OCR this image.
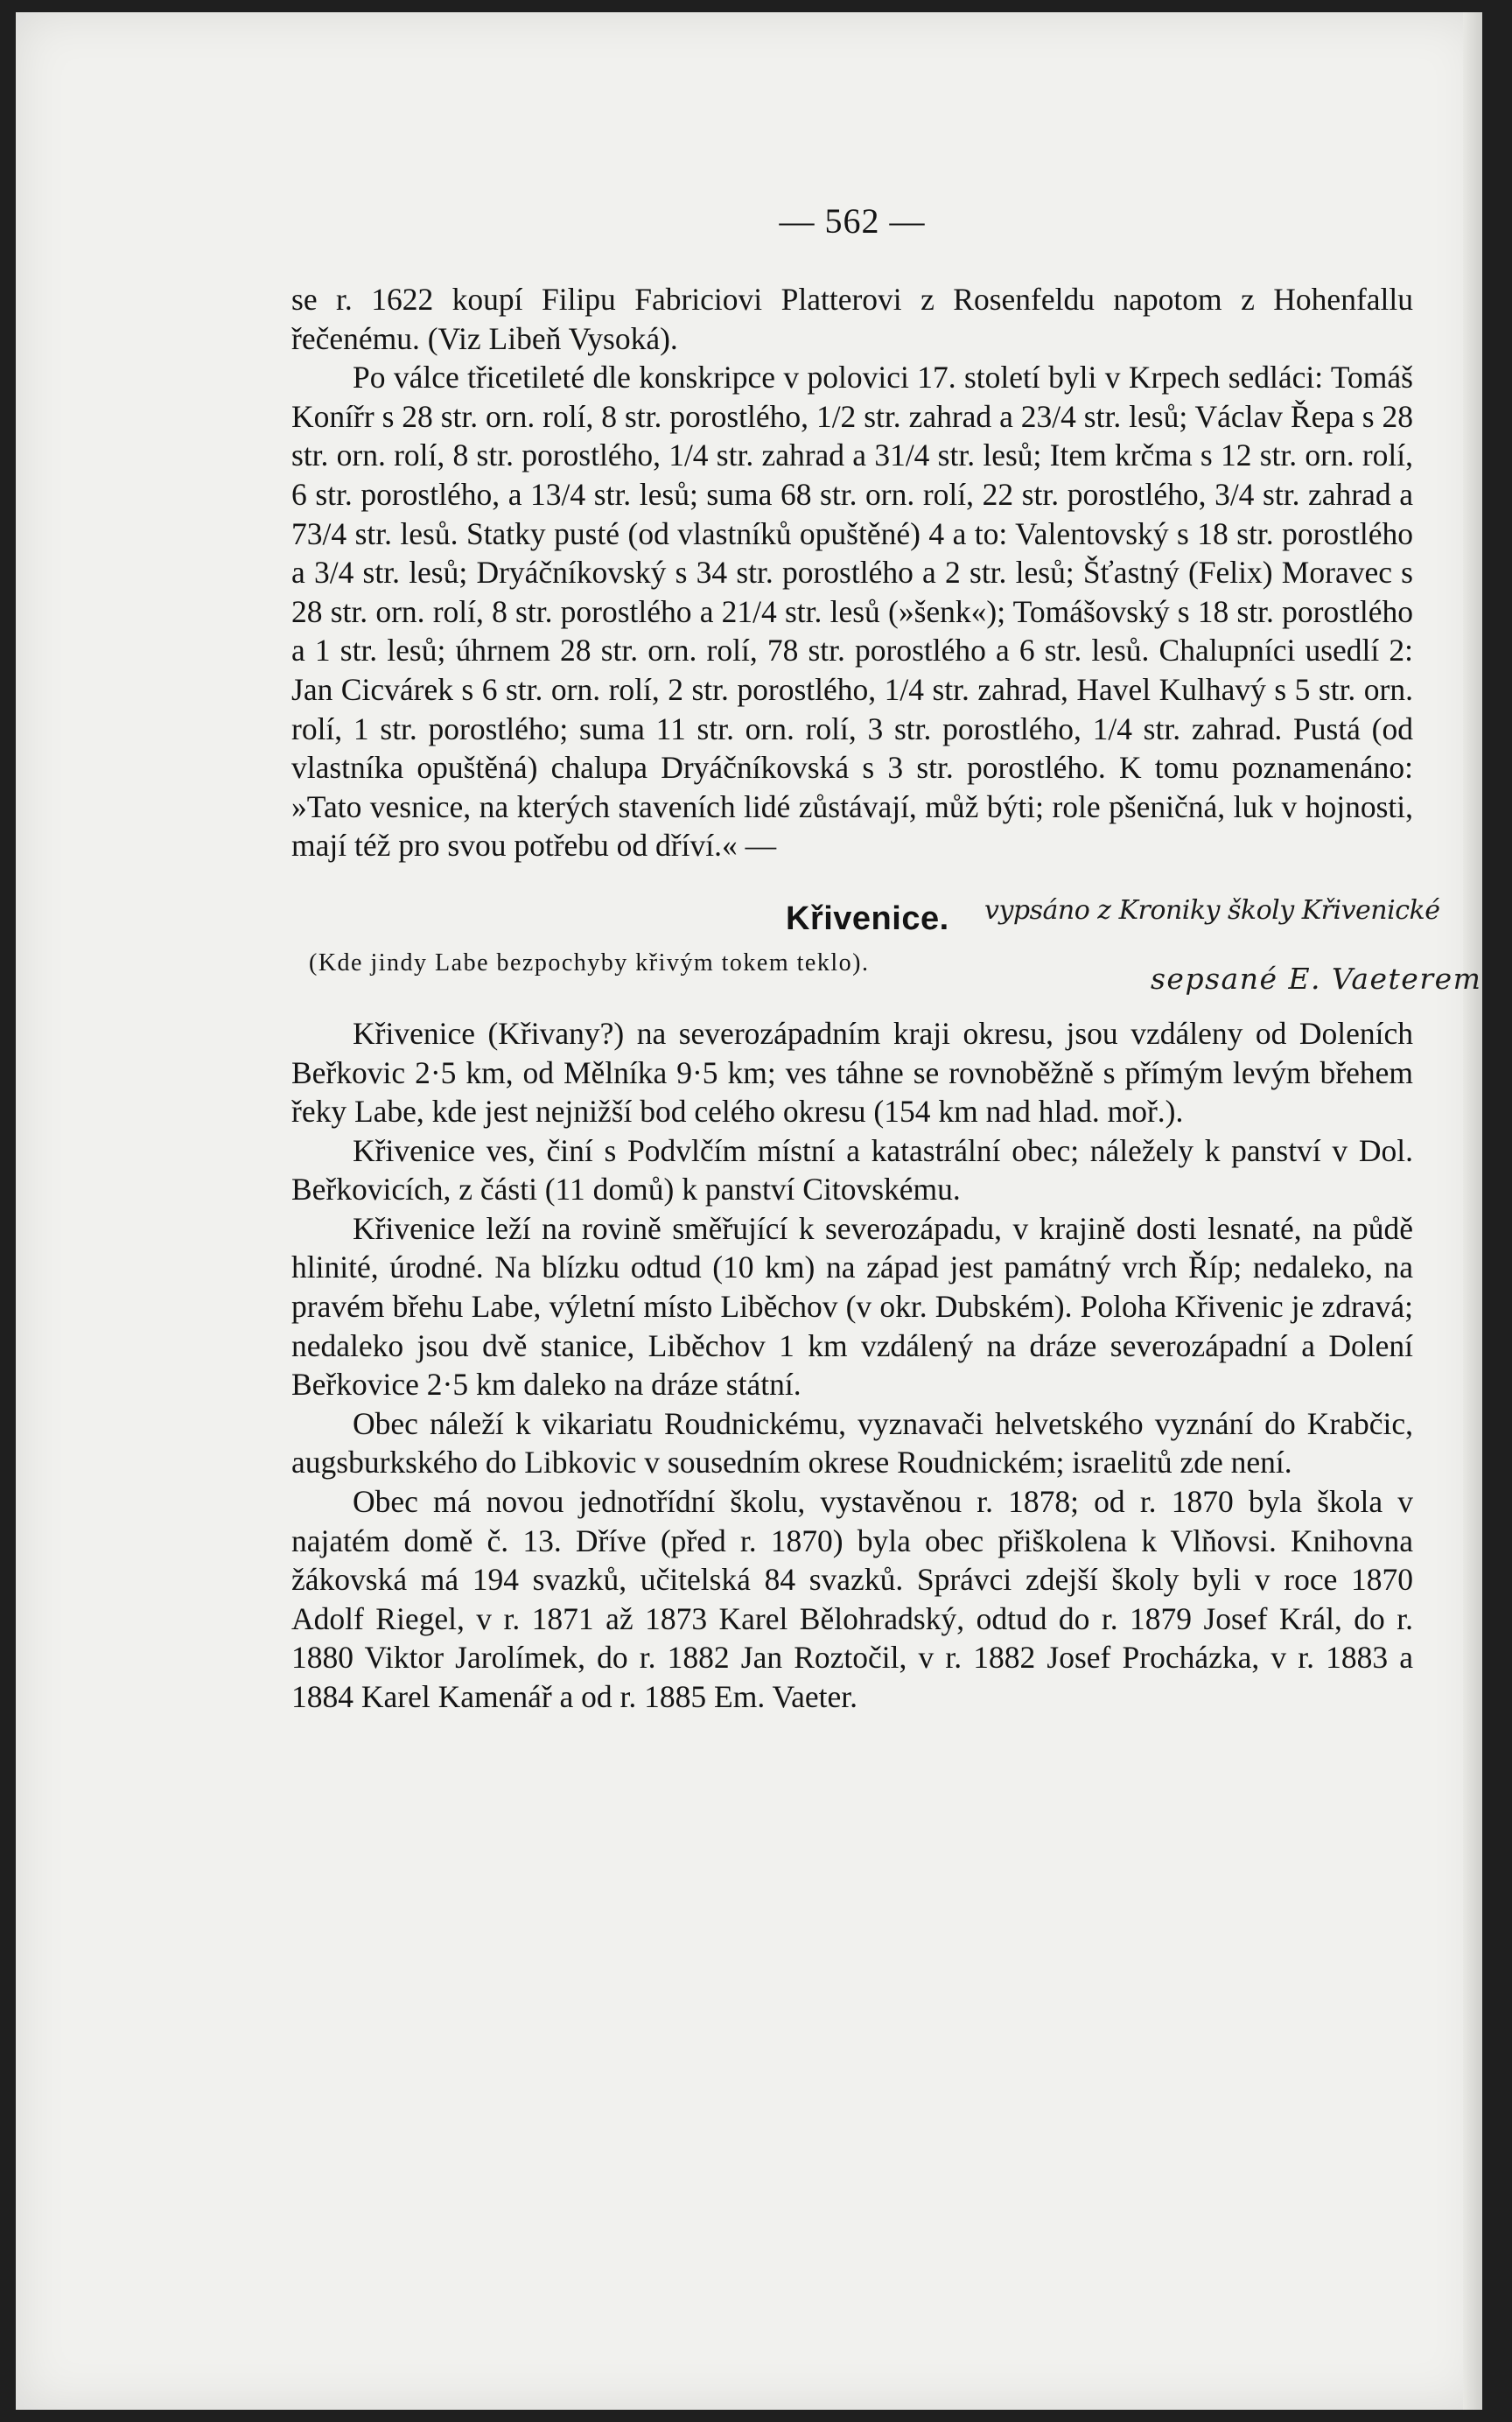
— 562 —

se r. 1622 koupí Filipu Fabriciovi Platterovi z Rosenfeldu napotom z Hohenfallu řečenému. (Viz Libeň Vysoká).

Po válce třicetileté dle konskripce v polovici 17. století byli v Krpech sedláci: Tomáš Konířr s 28 str. orn. rolí, 8 str. porostlého, 1/2 str. zahrad a 23/4 str. lesů; Václav Řepa s 28 str. orn. rolí, 8 str. porostlého, 1/4 str. zahrad a 31/4 str. lesů; Item krčma s 12 str. orn. rolí, 6 str. porostlého, a 13/4 str. lesů; suma 68 str. orn. rolí, 22 str. porostlého, 3/4 str. zahrad a 73/4 str. lesů. Statky pusté (od vlastníků opuštěné) 4 a to: Valentovský s 18 str. porostlého a 3/4 str. lesů; Dryáčníkovský s 34 str. porostlého a 2 str. lesů; Šťastný (Felix) Moravec s 28 str. orn. rolí, 8 str. porostlého a 21/4 str. lesů (»šenk«); Tomášovský s 18 str. porostlého a 1 str. lesů; úhrnem 28 str. orn. rolí, 78 str. porostlého a 6 str. lesů. Chalupníci usedlí 2: Jan Cicvárek s 6 str. orn. rolí, 2 str. porostlého, 1/4 str. zahrad, Havel Kulhavý s 5 str. orn. rolí, 1 str. porostlého; suma 11 str. orn. rolí, 3 str. porostlého, 1/4 str. zahrad. Pustá (od vlastníka opuštěná) chalupa Dryáčníkovská s 3 str. porostlého. K tomu poznamenáno: »Tato vesnice, na kterých staveních lidé zůstávají, můž býti; role pšeničná, luk v hojnosti, mají též pro svou potřebu od dříví.« —

Křivenice. vypsáno z Kroniky školy Křivenické
(Kde jindy Labe bezpochyby křivým tokem teklo).	sepsané E. Vaeterem

Křivenice (Křivany?) na severozápadním kraji okresu, jsou vzdáleny od Doleních Beřkovic 2·5 km, od Mělníka 9·5 km; ves táhne se rovnoběžně s přímým levým břehem řeky Labe, kde jest nejnižší bod celého okresu (154 km nad hlad. moř.).

Křivenice ves, činí s Podvlčím místní a katastrální obec; náležely k panství v Dol. Beřkovicích, z části (11 domů) k panství Citovskému.

Křivenice leží na rovině směřující k severozápadu, v krajině dosti lesnaté, na půdě hlinité, úrodné. Na blízku odtud (10 km) na západ jest památný vrch Říp; nedaleko, na pravém břehu Labe, výletní místo Liběchov (v okr. Dubském). Poloha Křivenic je zdravá; nedaleko jsou dvě stanice, Liběchov 1 km vzdálený na dráze severozápadní a Dolení Beřkovice 2·5 km daleko na dráze státní.

Obec náleží k vikariatu Roudnickému, vyznavači helvetského vyznání do Krabčic, augsburkského do Libkovic v sousedním okrese Roudnickém; israelitů zde není.

Obec má novou jednotřídní školu, vystavěnou r. 1878; od r. 1870 byla škola v najatém domě č. 13. Dříve (před r. 1870) byla obec přiškolena k Vlňovsi. Knihovna žákovská má 194 svazků, učitelská 84 svazků. Správci zdejší školy byli v roce 1870 Adolf Riegel, v r. 1871 až 1873 Karel Bělohradský, odtud do r. 1879 Josef Král, do r. 1880 Viktor Jarolímek, do r. 1882 Jan Roztočil, v r. 1882 Josef Procházka, v r. 1883 a 1884 Karel Kamenář a od r. 1885 Em. Vaeter.
